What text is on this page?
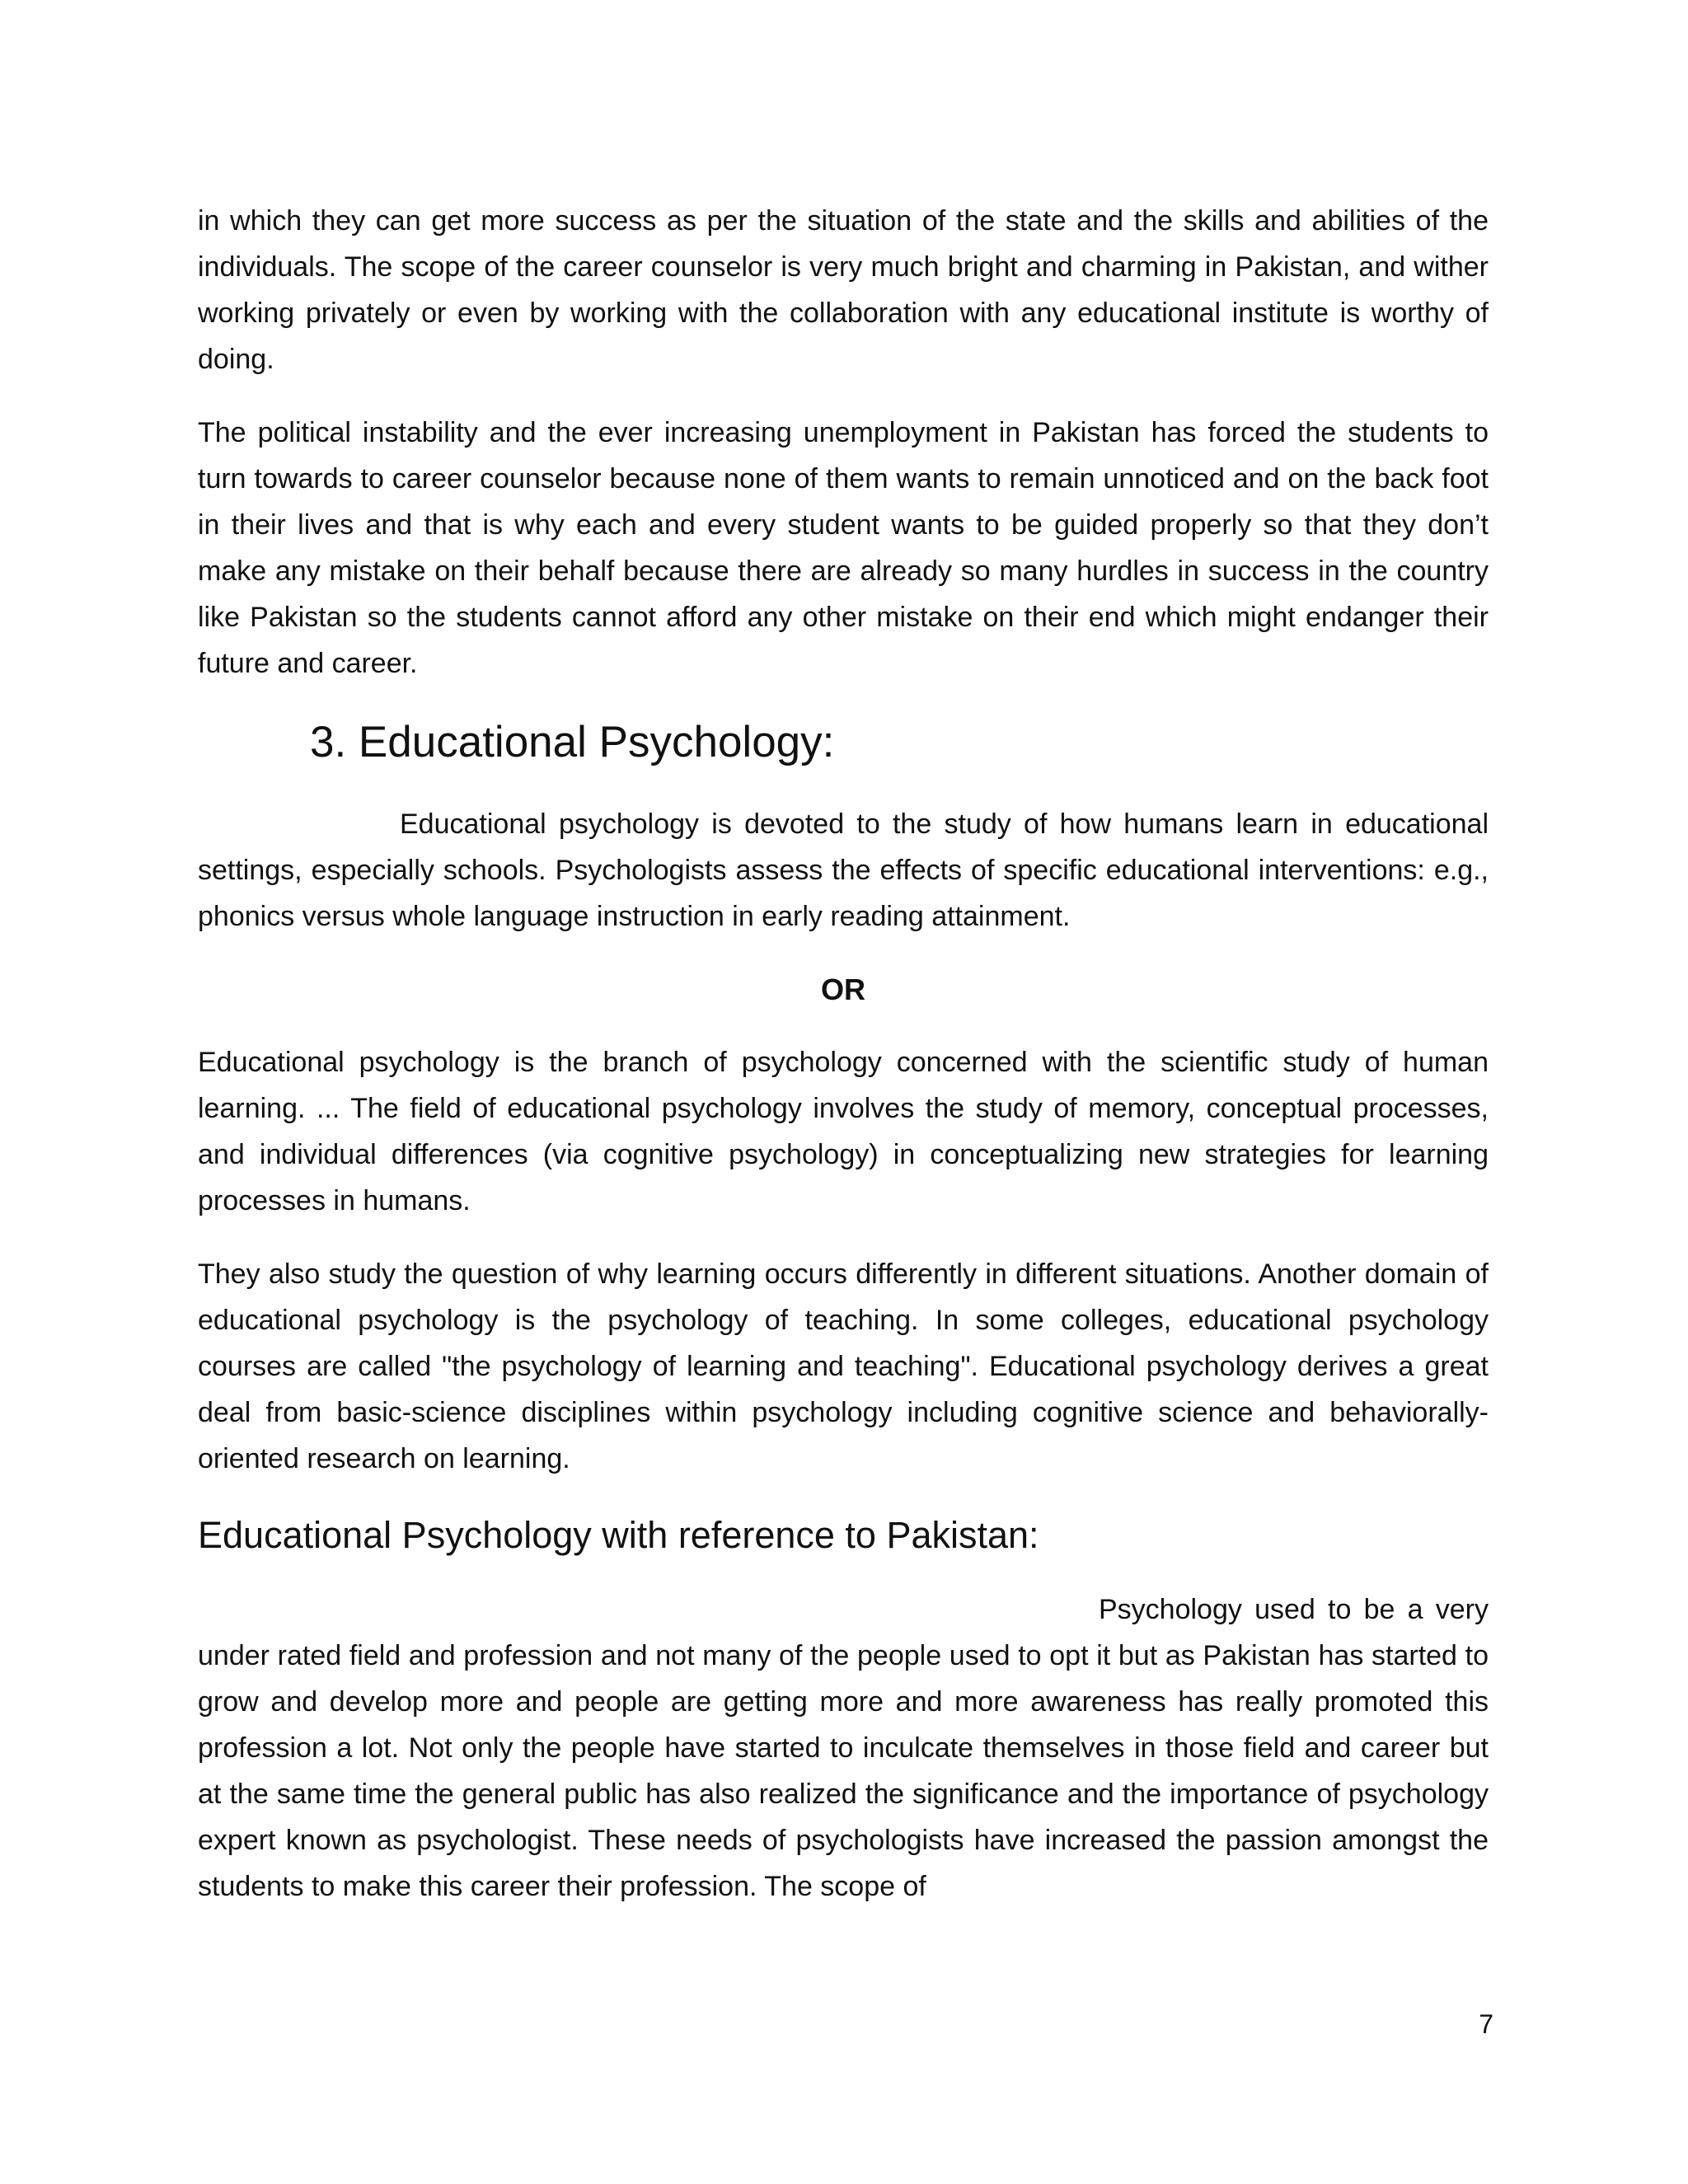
in which they can get more success as per the situation of the state and the skills and abilities of the individuals. The scope of the career counselor is very much bright and charming in Pakistan, and wither working privately or even by working with the collaboration with any educational institute is worthy of doing.

The political instability and the ever increasing unemployment in Pakistan has forced the students to turn towards to career counselor because none of them wants to remain unnoticed and on the back foot in their lives and that is why each and every student wants to be guided properly so that they don’t make any mistake on their behalf because there are already so many hurdles in success in the country like Pakistan so the students cannot afford any other mistake on their end which might endanger their future and career.

3. Educational Psychology:

Educational psychology is devoted to the study of how humans learn in educational settings, especially schools. Psychologists assess the effects of specific educational interventions: e.g., phonics versus whole language instruction in early reading attainment.

OR

Educational psychology is the branch of psychology concerned with the scientific study of human learning. ... The field of educational psychology involves the study of memory, conceptual processes, and individual differences (via cognitive psychology) in conceptualizing new strategies for learning processes in humans.

They also study the question of why learning occurs differently in different situations. Another domain of educational psychology is the psychology of teaching. In some colleges, educational psychology courses are called "the psychology of learning and teaching". Educational psychology derives a great deal from basic-science disciplines within psychology including cognitive science and behaviorally-oriented research on learning.

Educational Psychology with reference to Pakistan:

Psychology used to be a very under rated field and profession and not many of the people used to opt it but as Pakistan has started to grow and develop more and people are getting more and more awareness has really promoted this profession a lot. Not only the people have started to inculcate themselves in those field and career but at the same time the general public has also realized the significance and the importance of psychology expert known as psychologist. These needs of psychologists have increased the passion amongst the students to make this career their profession. The scope of

7
